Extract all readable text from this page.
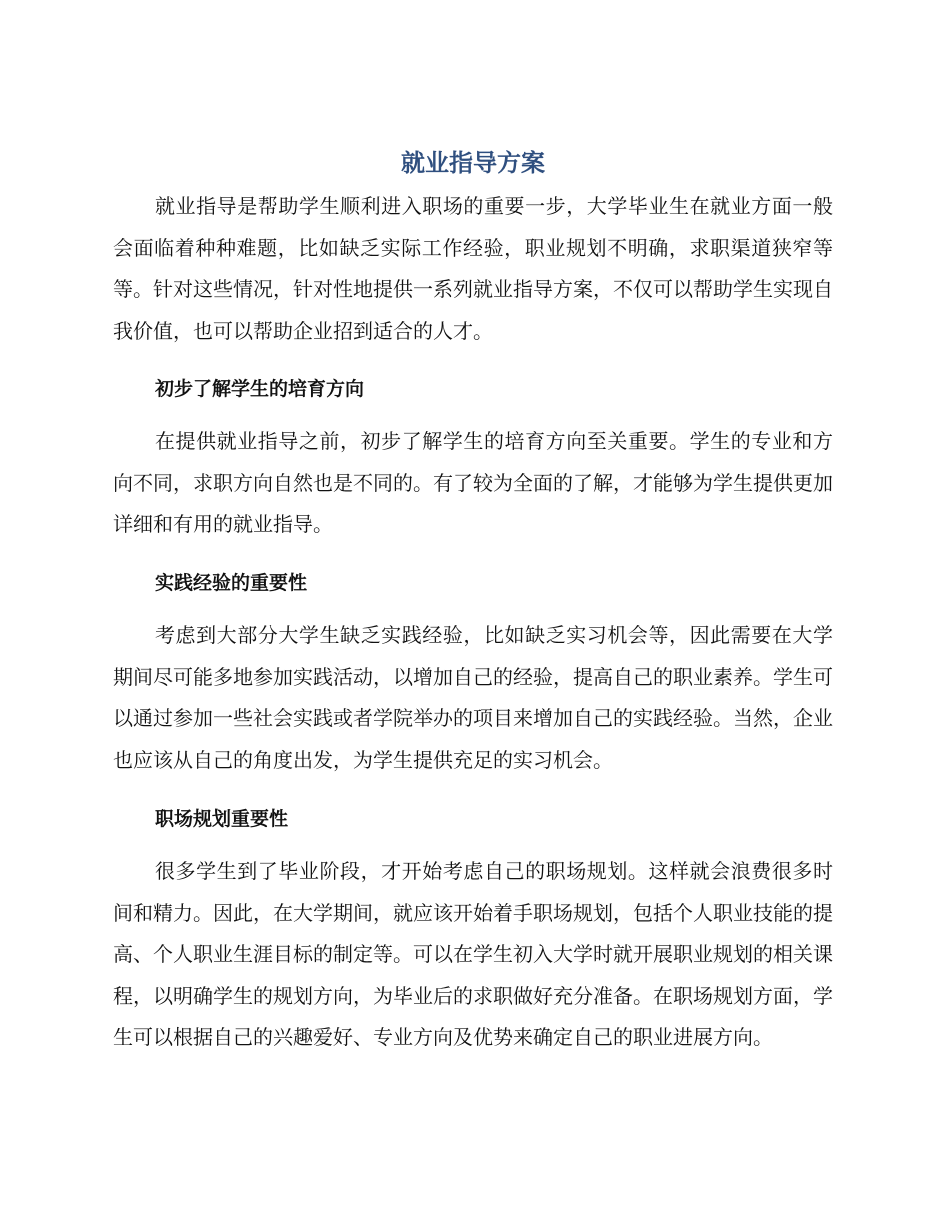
就业指导方案

就业指导是帮助学生顺利进入职场的重要一步，大学毕业生在就业方面一般会面临着种种难题，比如缺乏实际工作经验，职业规划不明确，求职渠道狭窄等等。针对这些情况，针对性地提供一系列就业指导方案，不仅可以帮助学生实现自我价值，也可以帮助企业招到适合的人才。

初步了解学生的培育方向

在提供就业指导之前，初步了解学生的培育方向至关重要。学生的专业和方向不同，求职方向自然也是不同的。有了较为全面的了解，才能够为学生提供更加详细和有用的就业指导。

实践经验的重要性

考虑到大部分大学生缺乏实践经验，比如缺乏实习机会等，因此需要在大学期间尽可能多地参加实践活动，以增加自己的经验，提高自己的职业素养。学生可以通过参加一些社会实践或者学院举办的项目来增加自己的实践经验。当然，企业也应该从自己的角度出发，为学生提供充足的实习机会。

职场规划重要性

很多学生到了毕业阶段，才开始考虑自己的职场规划。这样就会浪费很多时间和精力。因此，在大学期间，就应该开始着手职场规划，包括个人职业技能的提高、个人职业生涯目标的制定等。可以在学生初入大学时就开展职业规划的相关课程，以明确学生的规划方向，为毕业后的求职做好充分准备。在职场规划方面，学生可以根据自己的兴趣爱好、专业方向及优势来确定自己的职业进展方向。
